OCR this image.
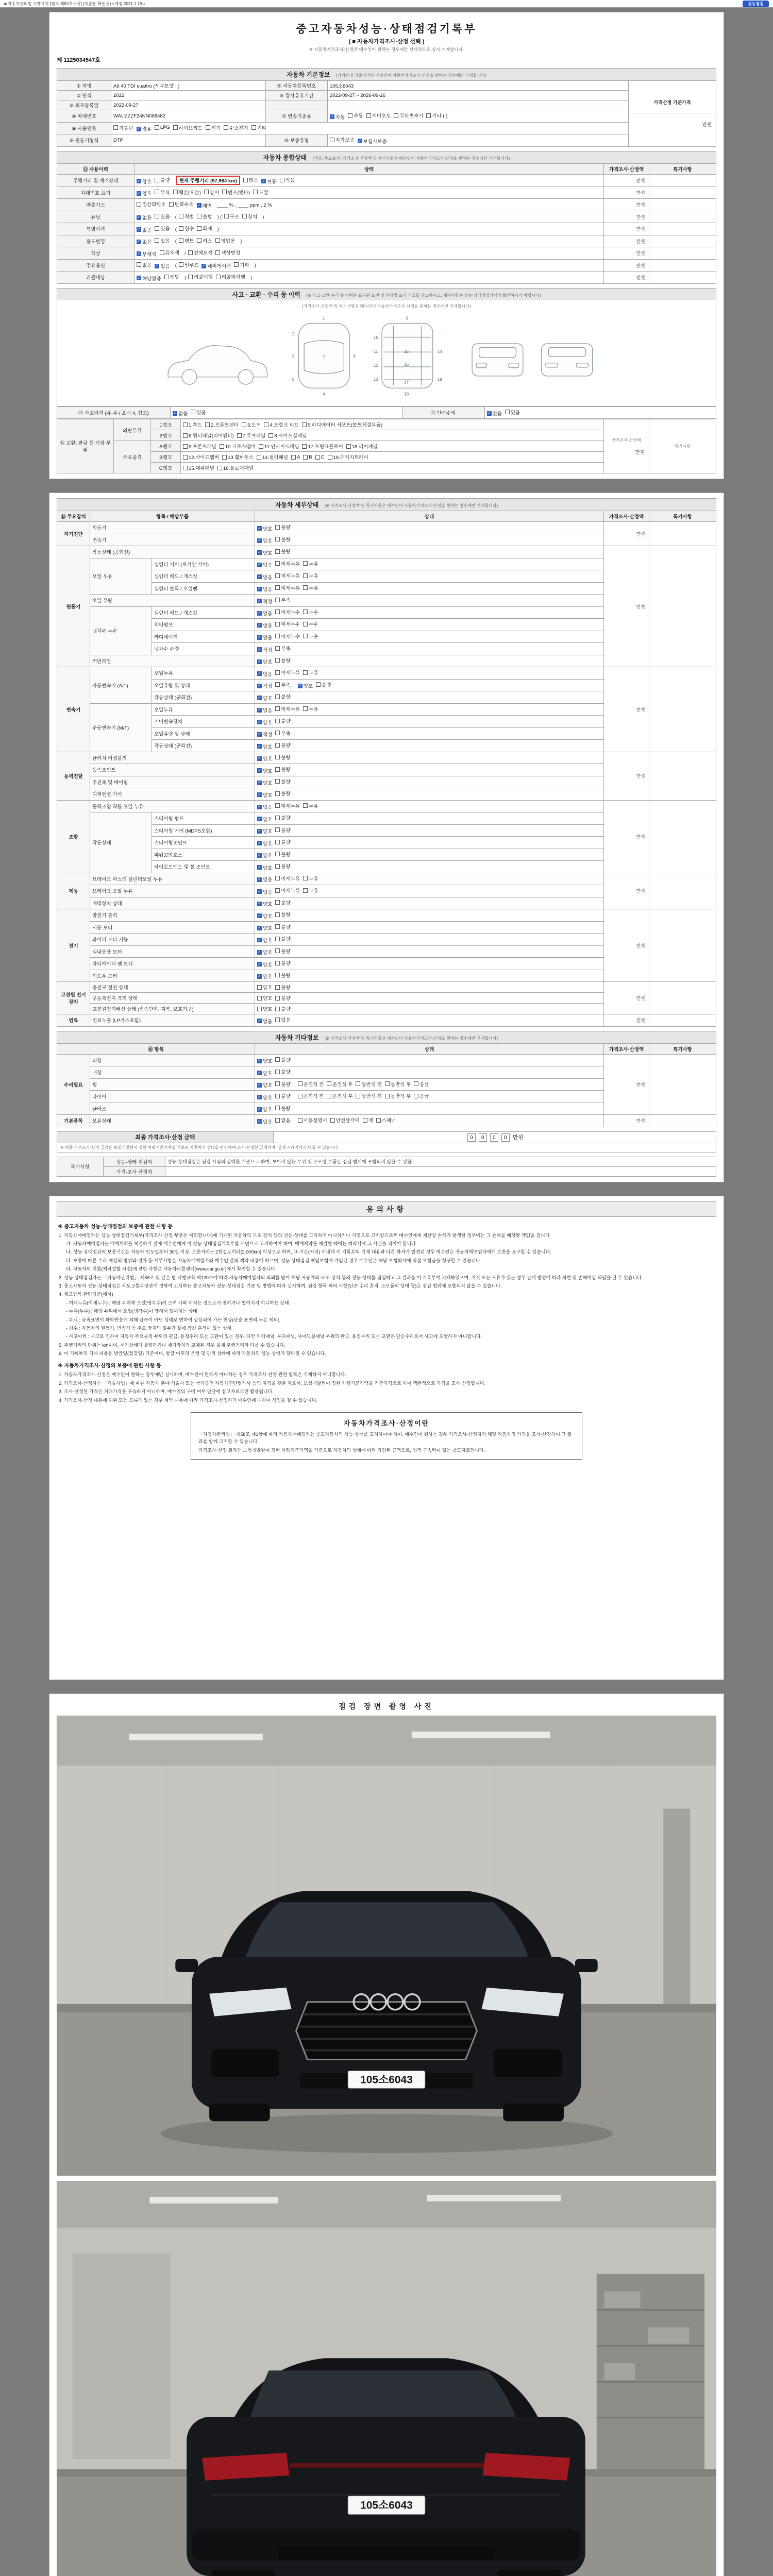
■ 자동차관리법 시행규칙 [별지 제82호서식] (제출용·확인용) <개정 2021.1.19.>	성능점검
중고자동차성능·상태점검기록부
( ■ 자동차가격조사·산정 선택 )
※ 자동차가격조사·산정은 매수인이 원하는 경우에만 선택적으로 실시·기재합니다.
제 1125034547호
자동차 기본정보 (가격산정 기준가격은 매수인이 자동차가격조사·산정을 원하는 경우에만 기재합니다)
① 차명	A6 40 TDI quattro (세부모델 : )	⑤ 자동차등록번호	105소6043	가격산정 기준가격
만원

② 연식	2022	⑥ 검사유효기간	2022-09-27 ~ 2026-09-26	
③ 최초등록일	2022-09-27			
④ 차대번호	WAUZZZF24NN068482	⑦ 변속기종류	
✓자동 수동 세미오토 무단변속기 기타 ( )

⑧ 사용연료	가솔린 ✓ 경유 LPG 하이브리드 전기 수소전기 기타

⑨ 원동기형식	DTP	⑩ 보증유형	자가보증 ✓ 보험사보증
자동차 종합상태 (색상, 주요옵션, 가격조사·산정액 및 특기사항은 매수인이 자동차가격조사·산정을 원하는 경우에만 기재합니다)
⑪ 사용이력	상태	가격조사·산정액	특기사항
주행거리 및 계기상태	
✓양호 불량 현재 주행거리 (57,964 km) 많음 ✓ 보통 적음	만원	
차대번호 표기	
✓양호 부식 훼손(오손) 상이 변조(변타) 도말	만원	
배출가스	일산화탄소 탄화수소 ✓ 매연 ____ % , ____ ppm , 2 %	만원	
튜닝	
✓없음 있음 ( 적법 불법 ) ( 구조 장치 )	만원	
특별이력	
✓없음 있음 ( 침수 화재 )	만원	
용도변경	
✓없음 있음 ( 렌트 리스 영업용 )	만원	
색상	
✓무채색 유채색 / 전체도색 색상변경	만원	
주요옵션	없음 ✓ 있음 ( 썬루프 ✓ 네비게이션 기타 )	만원	
리콜대상	
✓해당없음 해당 ( 리콜이행 리콜미이행 )	만원	
사고 · 교환 · 수리 등 이력 (※ 사고·교환·수리 등 이력은 표기된 도면 및 부위별 표기 기호를 참고하시고, 세부사항은 성능·상태점검장에서 확인하시기 바랍니다)
(가격조사·산정액 및 특기사항은 매수인이 자동차가격조사·산정을 원하는 경우에만 기재합니다)
1
2
3
4
6
7	8
9
10
11
12
13
14
15
16
17
18
19
⑫ 사고이력 (유·무 / 표시 4. 참고)	
✓없음 있음	⑬ 단순수리	
✓없음 있음
⑭ 교환, 판금 등 이상 부위	외판부위	1랭크	1.후드 2.프론트펜더 3.도어 4.트렁크 리드 5.라디에이터 서포트(볼트체결부품)

가격조사·산정액
만원

특기사항

		2랭크	6.쿼터패널(리어펜더) 7.루프패널 8.사이드실패널		

	주요골격	A랭크	9.프론트패널 10.크로스멤버 11.인사이드패널 17.트렁크플로어 18.리어패널		

B랭크	12.사이드멤버 13.휠하우스 14.필러패널 A B C 19.패키지트레이

		C랭크	15.대쉬패널 16.플로어패널		
자동차 세부상태 (※ 가격조사·산정액 및 특기사항은 매수인이 자동차가격조사·산정을 원하는 경우에만 기재합니다)
⑮ 주요장치	항목 / 해당부품		상태	가격조사·산정액	특기사항
자기진단	원동기	
✓양호 불량	만원	
	변속기	
✓양호 불량

원동기	작동상태 (공회전)	
✓양호 불량	만원	
	오일 누유	실린더 커버 (로커암 커버)	
✓없음 미세누유 누유

		실린더 헤드 / 개스킷	
✓없음 미세누유 누유

		실린더 블록 / 오일팬	
✓없음 미세누유 누유

	오일 유량	
✓적정 부족

	냉각수 누수	실린더 헤드 / 개스킷	
✓없음 미세누수 누수

		워터펌프	
✓없음 미세누수 누수

		라디에이터	
✓없음 미세누수 누수

		냉각수 수량	
✓적정 부족

	커먼레일	
✓양호 불량

변속기	자동변속기 (A/T)	오일누유	
✓없음 미세누유 누유	만원	
		오일유량 및 상태	
✓적정 부족 ✓ 양호 불량

		작동상태 (공회전)	
✓양호 불량

	수동변속기 (M/T)	오일누유	
✓없음 미세누유 누유

		기어변속장치	
✓양호 불량

		오일유량 및 상태	
✓적정 부족

		작동상태 (공회전)	
✓양호 불량

동력전달	클러치 어셈블리	
✓양호 불량	만원	
	등속조인트	
✓양호 불량

	추진축 및 베어링	
✓양호 불량

	디퍼렌셜 기어	
✓양호 불량

조향	동력조향 작동 오일 누유	
✓없음 미세누유 누유	만원	
	작동상태	스티어링 펌프	
✓양호 불량

		스티어링 기어 (MDPS포함)	
✓양호 불량

		스티어링조인트	
✓양호 불량

		파워고압호스	
✓양호 불량

		타이로드엔드 및 볼 조인트	
✓양호 불량

제동	브레이크 마스터 실린더오일 누유	
✓없음 미세누유 누유	만원	
	브레이크 오일 누유	
✓없음 미세누유 누유

	배력장치 상태	
✓양호 불량

전기	발전기 출력	
✓양호 불량	만원	
	시동 모터	
✓양호 불량

	와이퍼 모터 기능	
✓양호 불량

	실내송풍 모터	
✓양호 불량

	라디에이터 팬 모터	
✓양호 불량

	윈도우 모터	
✓양호 불량

고전원 전기장치	충전구 절연 상태		양호 불량	만원	
	구동축전지 격리 상태		양호 불량		

	고전원전기배선 상태 (접속단자, 피복, 보호기구)		양호 불량		

연료	연료누출 (LP가스포함)	
✓없음 있음	만원	
자동차 기타정보 (※ 가격조사·산정액 및 특기사항은 매수인이 자동차가격조사·산정을 원하는 경우에만 기재합니다)
⑯ 항목		상태	가격조사·산정액	특기사항
수리필요	외장	
✓양호 불량	만원	
	내장	
✓양호 불량

휠	
✓양호 불량	운전석 전 운전석 후 동반석 전 동반석 후 응급

타이어	
✓양호 불량	운전석 전 운전석 후 동반석 전 동반석 후 응급

	글라스	
✓양호 불량

기본품목	보유상태	
✓있음 없음	사용설명서 안전삼각대 잭 스패너	만원	
최종 가격조사·산정 금액	0 0 0 0 만원
※ 최종 가격조사·산정 금액은 보험개발원이 정한 차량기준가액을 기초로 자동차의 상태를 반영하여 조사·산정한 금액이며, 실제 거래가격과 다를 수 있습니다.
특기사항	성능·상태 점검자	성능·상태점검은 점검 시점의 상태를 기준으로 하며, 보이지 않는 부위 및 소모성 부품은 점검 범위에 포함되지 않을 수 있음.
	가격·조사 산정자	
유의사항
※ 중고자동차 성능·상태점검의 보증에 관한 사항 등
1. 자동차매매업자는 성능·상태점검기록부(가격조사·산정 부분은 제외합니다)에 기재된 자동차의 구조·장치 등의 성능·상태를 고지하지 아니하거나 거짓으로 고지함으로써 매수인에게 재산상 손해가 발생한 경우에는 그 손해를 배상할 책임을 집니다.
가. 자동차매매업자는 매매계약을 체결하기 전에 매수인에게 이 성능·상태점검기록부를 서면으로 고지하여야 하며, 매매계약을 체결한 때에는 계약서에 그 사실을 적어야 합니다.
나. 성능·상태점검의 보증기간은 자동차 인도일부터 30일 이상, 보증거리는 2천킬로미터(2,000km) 이상으로 하며, 그 기간(거리) 이내에 이 기록부의 기재 내용과 다른 하자가 발견된 경우 매수인은 자동차매매업자에게 보증을 요구할 수 있습니다.
다. 보증에 따른 수리·배상의 범위와 절차 등 세부사항은 자동차매매업자와 매수인 간의 계약 내용에 따르며, 성능·상태점검 책임보험에 가입된 경우 매수인은 해당 보험회사에 직접 보험금을 청구할 수 있습니다.
라. 자동차의 리콜(제작결함 시정)에 관한 사항은 자동차리콜센터(www.car.go.kr)에서 확인할 수 있습니다.
2. 성능·상태점검자는 「자동차관리법」 제58조 및 같은 법 시행규칙 제120조에 따라 자동차매매업자의 의뢰를 받아 해당 자동차의 구조·장치 등의 성능·상태를 점검하고 그 결과를 이 기록부에 기재하였으며, 거짓 또는 오류가 있는 경우 관계 법령에 따라 처벌 및 손해배상 책임을 질 수 있습니다.
3. 중고자동차 성능·상태점검은 국토교통부장관이 정하여 고시하는 중고자동차 성능·상태점검 기준 및 방법에 따라 실시하며, 점검 항목 외의 사항(단순 수리 흔적, 소모품의 상태 등)은 점검 범위에 포함되지 않을 수 있습니다.
4. 체크항목 판단기준(예시)
- 미세누유(미세누수) : 해당 부위에 오일(냉각수)이 스며 나와 비치는 정도로서 맺히거나 떨어지지 아니하는 상태
- 누유(누수) : 해당 부위에서 오일(냉각수)이 맺혀서 떨어지는 상태
- 부식 : 금속표면이 화학반응에 의해 금속이 아닌 상태로 변하여 상실되어 가는 현상(단순 표면의 녹은 제외)
- 침수 : 자동차의 원동기, 변속기 등 주요 장치의 일부가 물에 잠긴 흔적이 있는 상태
- 사고이력 : 사고로 인하여 자동차 주요골격 부위의 판금, 용접수리 또는 교환이 있는 경우. 다만 쿼터패널, 루프패널, 사이드실패널 부위의 판금, 용접수리 또는 교환은 단순수리로서 사고에 포함하지 아니합니다.
5. 주행거리의 단위는 km이며, 계기상태가 불량하거나 계기장치가 교체된 경우 실제 주행거리와 다를 수 있습니다.
6. 이 기록부의 기재 내용은 발급일(점검일) 기준이며, 발급 이후의 운행 및 관리 상태에 따라 자동차의 성능·상태가 달라질 수 있습니다.
※ 자동차가격조사·산정의 보증에 관한 사항 등
1. 자동차가격조사·산정은 매수인이 원하는 경우에만 실시하며, 매수인이 원하지 아니하는 경우 가격조사·산정 관련 항목은 기재하지 아니합니다.
2. 가격조사·산정자는 「기술사법」에 따른 자동차 분야 기술사 또는 국가공인 자동차진단평가사 등의 자격을 갖춘 자로서, 보험개발원이 정한 차량기준가액을 기준가격으로 하여 객관적으로 가격을 조사·산정합니다.
3. 조사·산정된 가격은 거래가격을 구속하지 아니하며, 매수인의 구매 여부 판단에 참고자료로만 활용됩니다.
4. 가격조사·산정 내용에 허위 또는 오류가 있는 경우 계약 내용에 따라 가격조사·산정자가 매수인에 대하여 책임을 질 수 있습니다.
자동차가격조사·산정이란
「자동차관리법」 제58조 제1항에 따라 자동차매매업자는 중고자동차의 성능·상태를 고지하여야 하며, 매수인이 원하는 경우 가격조사·산정자가 해당 자동차의 가격을 조사·산정하여 그 결과를 함께 고지할 수 있습니다.
가격조사·산정 결과는 보험개발원이 정한 차량기준가액을 기준으로 자동차의 상태에 따라 가감된 금액으로, 법적 구속력이 없는 참고자료입니다.
점검 장면 촬영 사진
105소6043
105소6043
